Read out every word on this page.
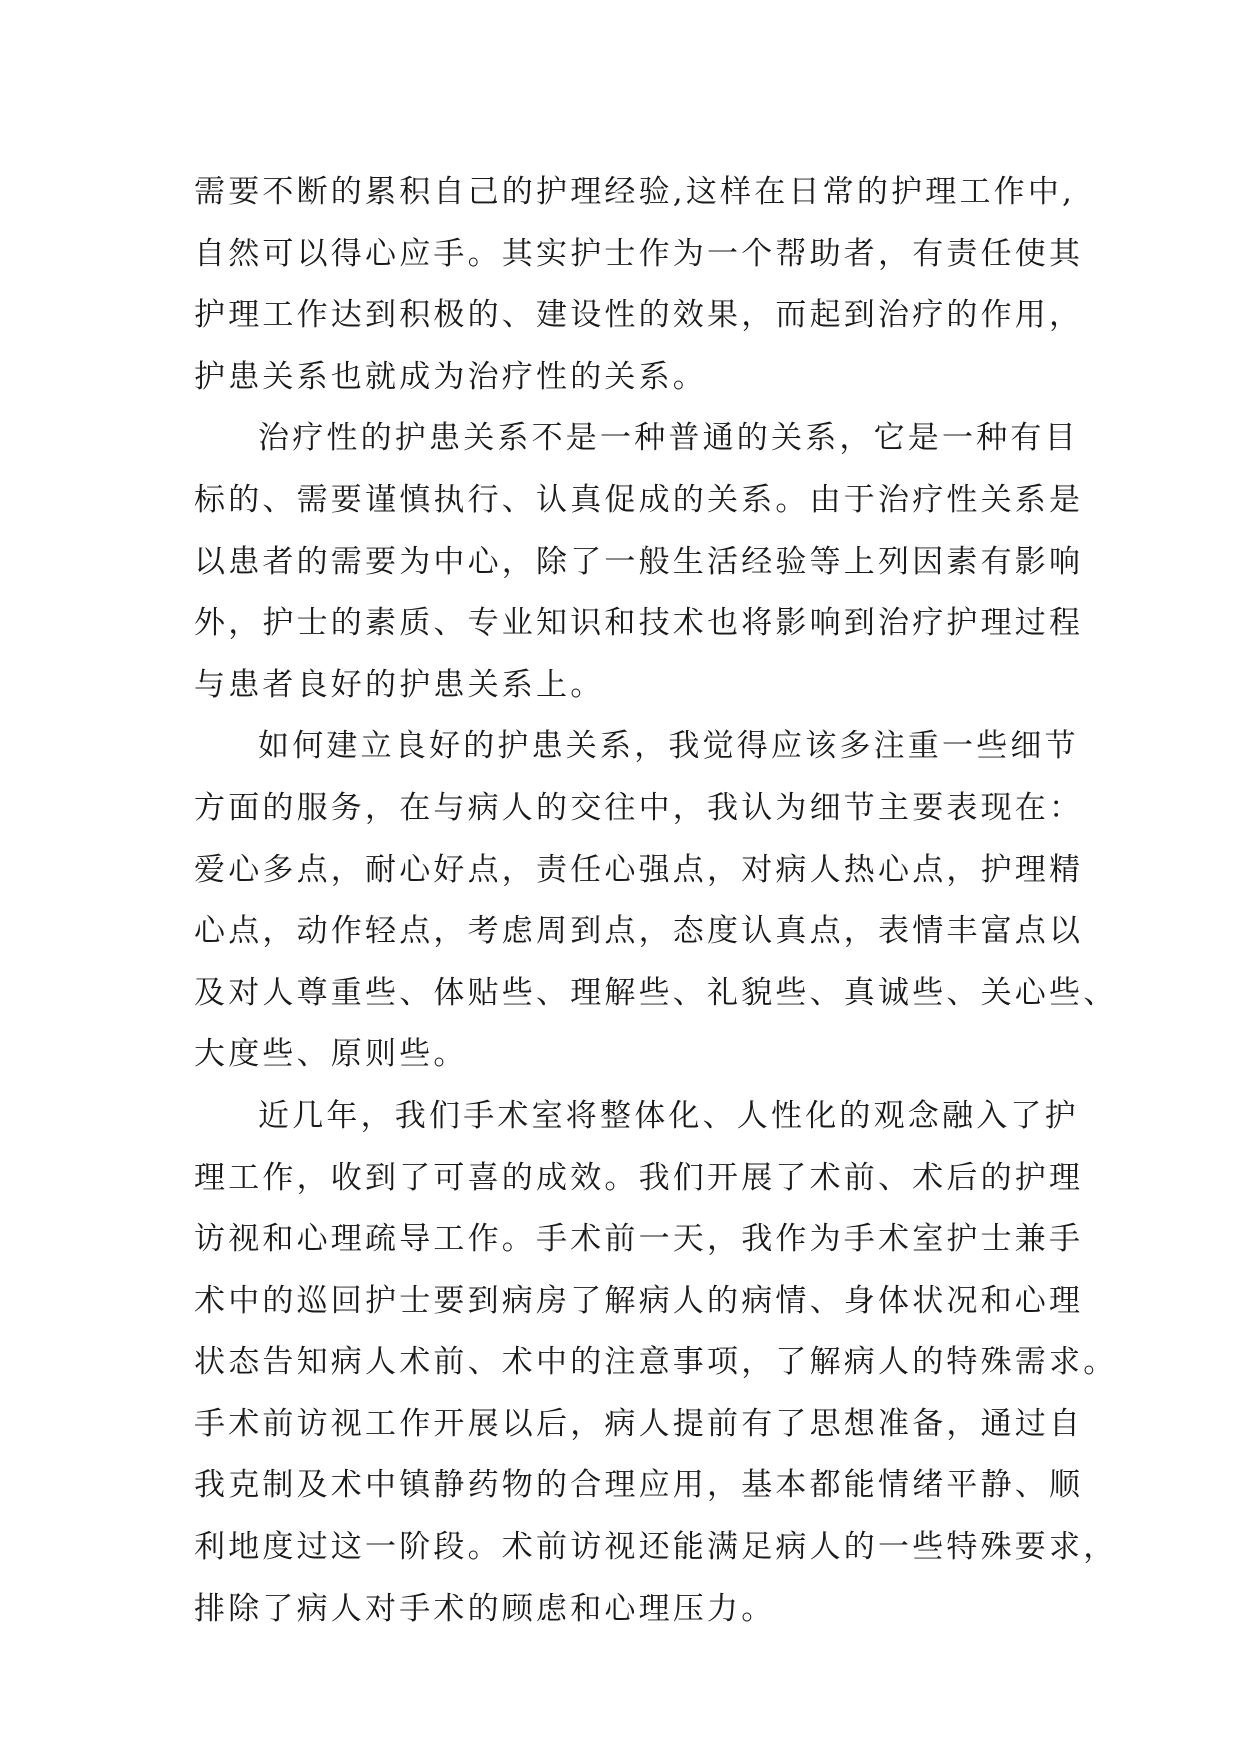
需要不断的累积自己的护理经验,这样在日常的护理工作中,
自然可以得心应手。其实护士作为一个帮助者，有责任使其
护理工作达到积极的、建设性的效果，而起到治疗的作用，
护患关系也就成为治疗性的关系。
治疗性的护患关系不是一种普通的关系，它是一种有目
标的、需要谨慎执行、认真促成的关系。由于治疗性关系是
以患者的需要为中心，除了一般生活经验等上列因素有影响
外，护士的素质、专业知识和技术也将影响到治疗护理过程
与患者良好的护患关系上。
如何建立良好的护患关系，我觉得应该多注重一些细节
方面的服务，在与病人的交往中，我认为细节主要表现在：
爱心多点，耐心好点，责任心强点，对病人热心点，护理精
心点，动作轻点，考虑周到点，态度认真点，表情丰富点以
及对人尊重些、体贴些、理解些、礼貌些、真诚些、关心些、
大度些、原则些。
近几年，我们手术室将整体化、人性化的观念融入了护
理工作，收到了可喜的成效。我们开展了术前、术后的护理
访视和心理疏导工作。手术前一天，我作为手术室护士兼手
术中的巡回护士要到病房了解病人的病情、身体状况和心理
状态告知病人术前、术中的注意事项，了解病人的特殊需求。
手术前访视工作开展以后，病人提前有了思想准备，通过自
我克制及术中镇静药物的合理应用，基本都能情绪平静、顺
利地度过这一阶段。术前访视还能满足病人的一些特殊要求，
排除了病人对手术的顾虑和心理压力。
